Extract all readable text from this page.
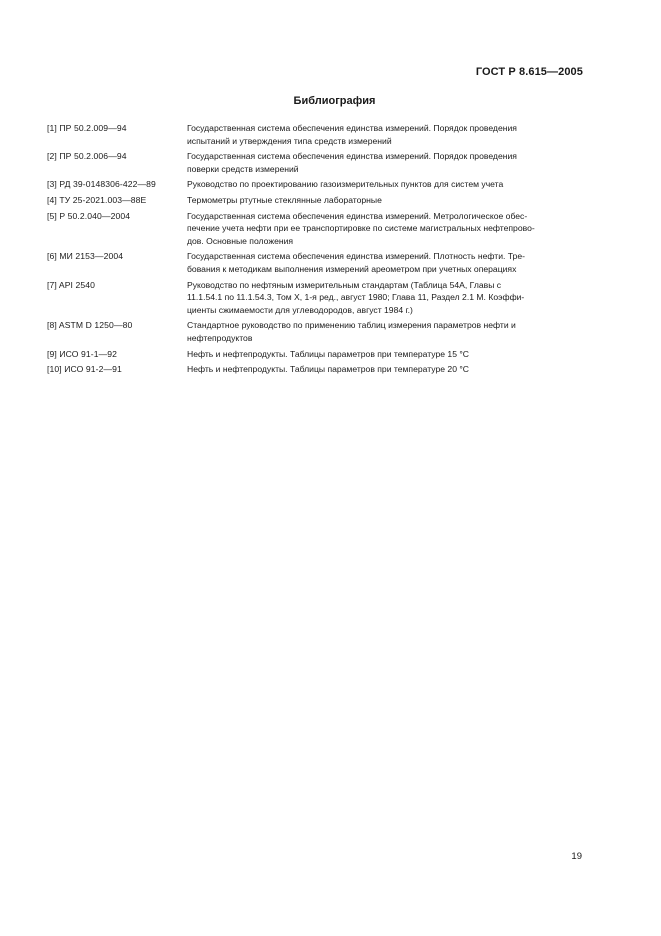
ГОСТ Р 8.615—2005
Библиография
[1] ПР 50.2.009—94	Государственная система обеспечения единства измерений. Порядок проведения
испытаний и утверждения типа средств измерений
[2] ПР 50.2.006—94	Государственная система обеспечения единства измерений. Порядок проведения
поверки средств измерений
[3] РД 39-0148306-422—89	Руководство по проектированию газоизмерительных пунктов для систем учета
[4] ТУ 25-2021.003—88Е	Термометры ртутные стеклянные лабораторные
[5] Р 50.2.040—2004	Государственная система обеспечения единства измерений. Метрологическое обес-
печение учета нефти при ее транспортировке по системе магистральных нефтепрово-
дов. Основные положения
[6] МИ 2153—2004	Государственная система обеспечения единства измерений. Плотность нефти. Тре-
бования к методикам выполнения измерений ареометром при учетных операциях
[7] API 2540	Руководство по нефтяным измерительным стандартам (Таблица 54А, Главы с
11.1.54.1 по 11.1.54.3, Том X, 1-я ред., август 1980; Глава 11, Раздел 2.1 М. Коэффи-
циенты сжимаемости для углеводородов, август 1984 г.)
[8] ASTM D 1250—80	Стандартное руководство по применению таблиц измерения параметров нефти и
нефтепродуктов
[9] ИСО 91-1—92	Нефть и нефтепродукты. Таблицы параметров при температуре 15 °С
[10] ИСО 91-2—91	Нефть и нефтепродукты. Таблицы параметров при температуре 20 °С
19
